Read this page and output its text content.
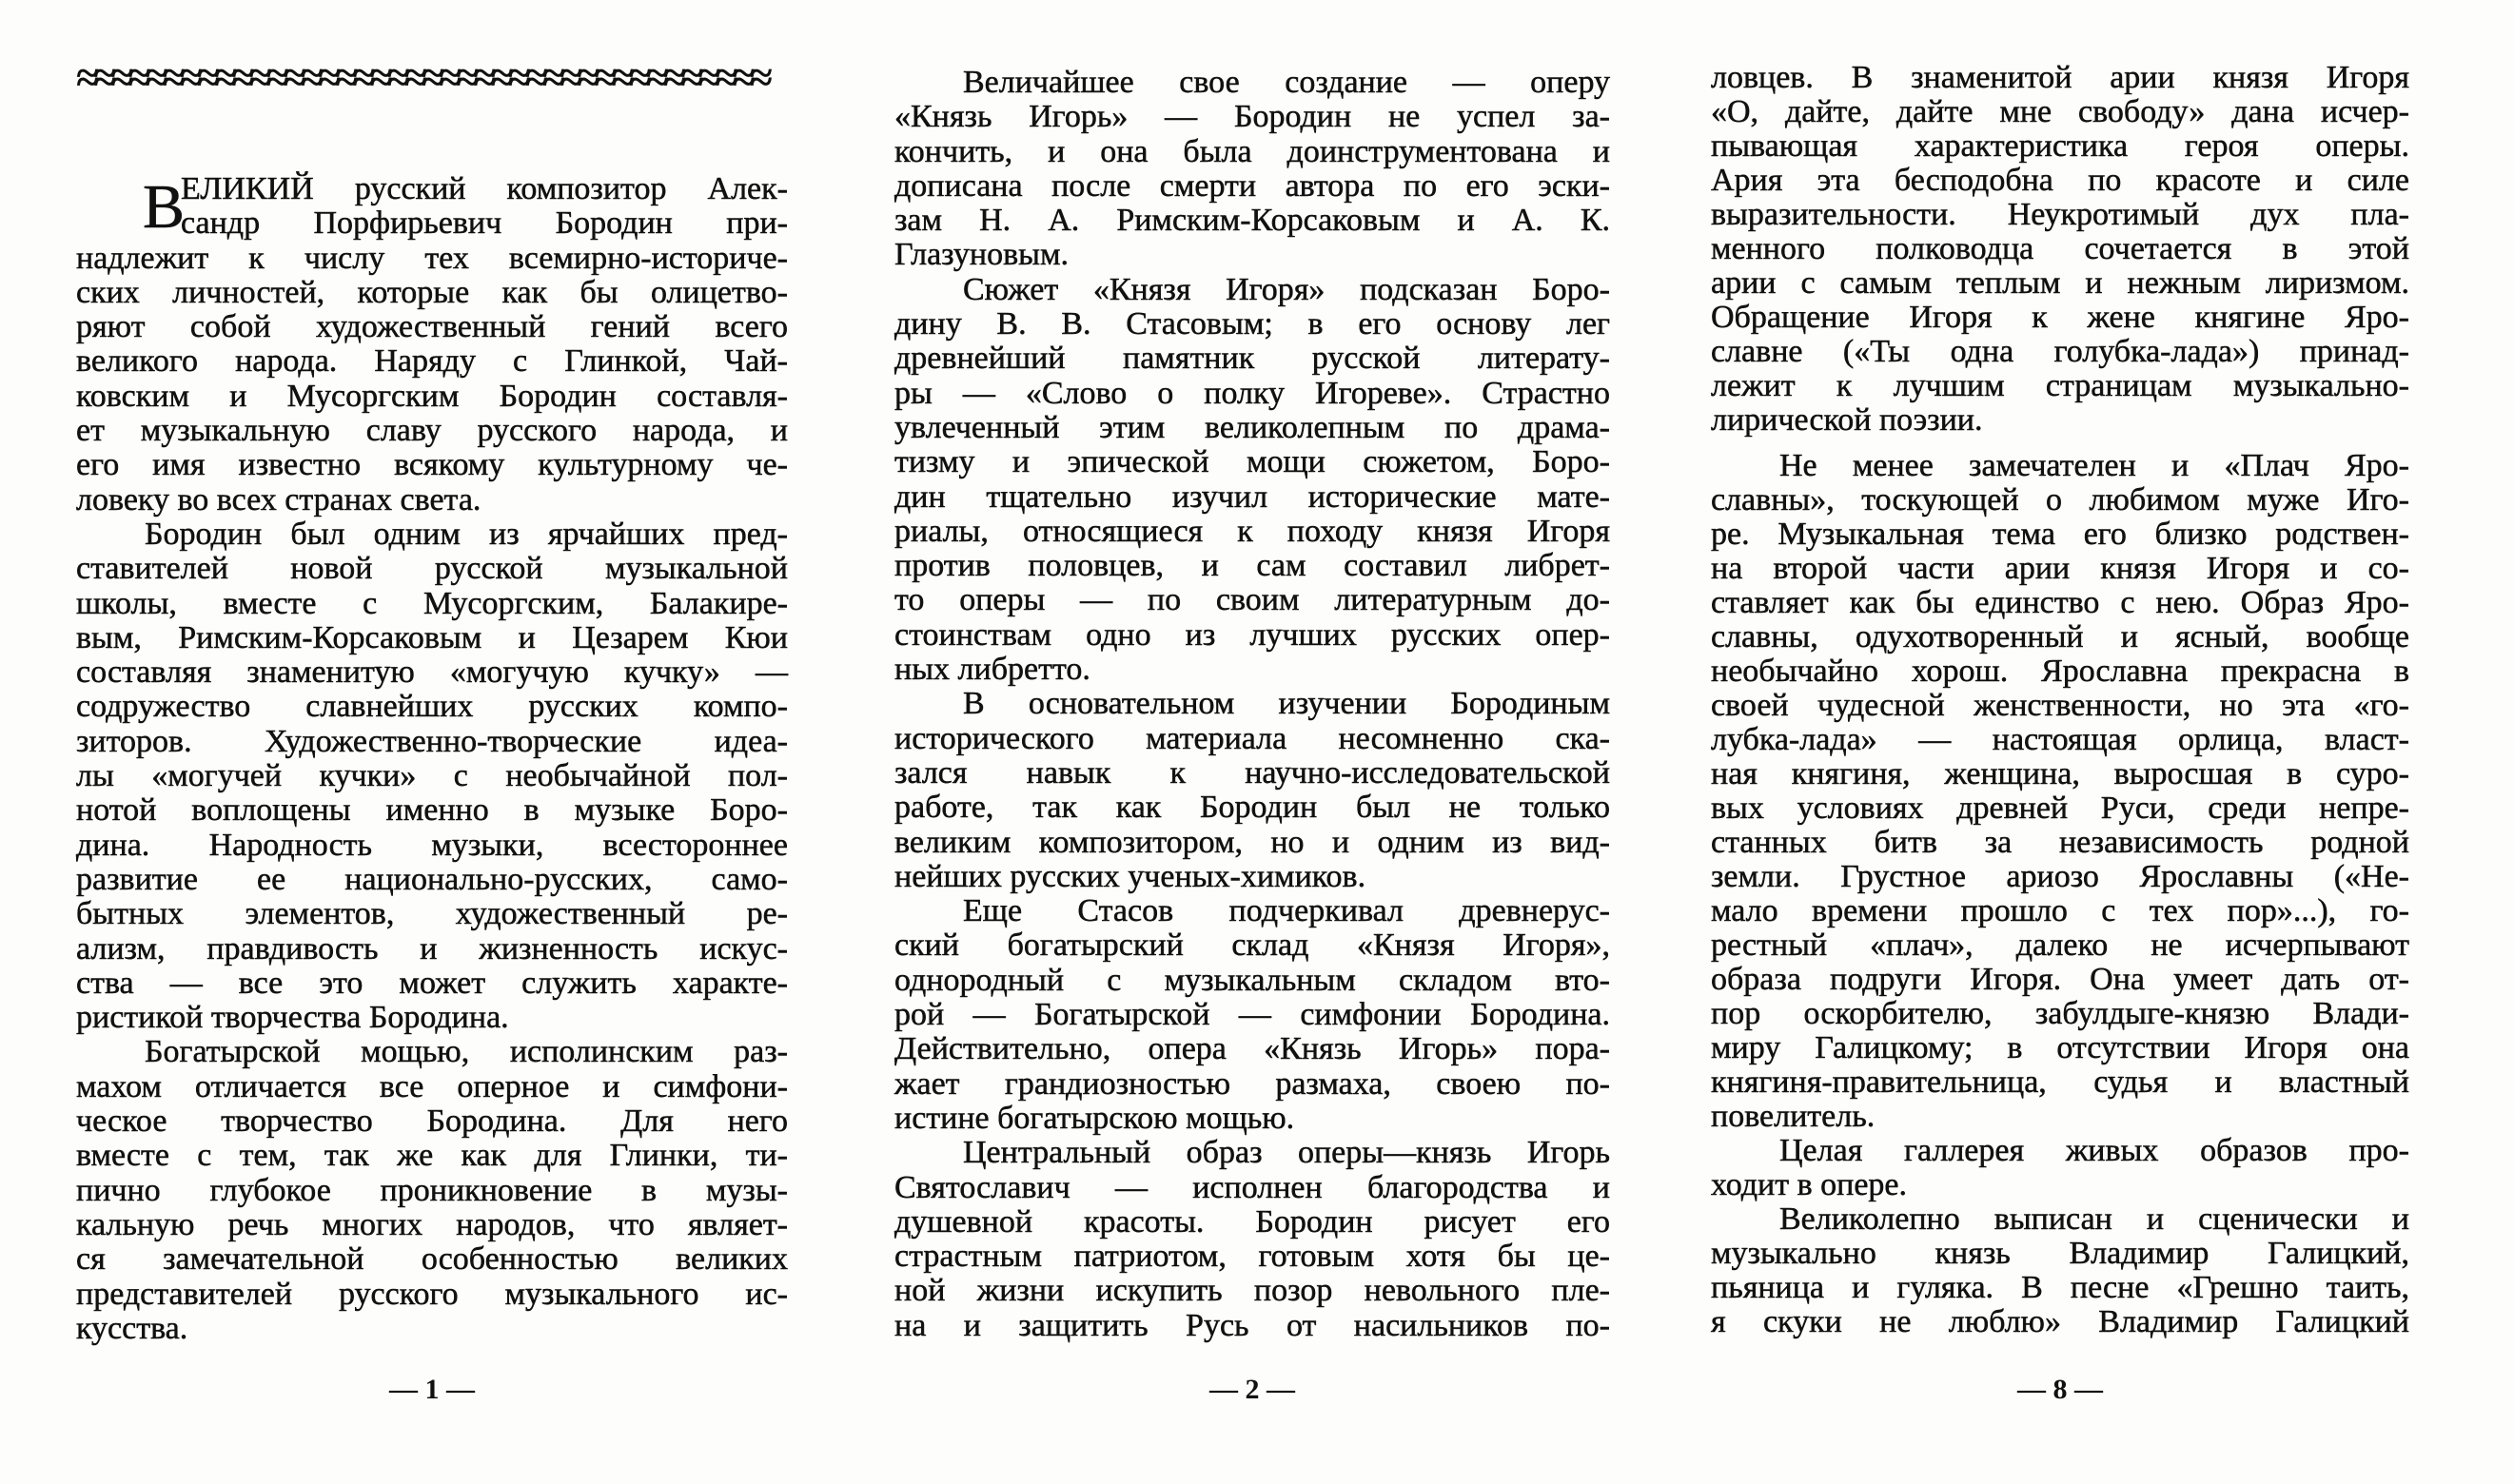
≈≈≈≈≈≈≈≈≈≈≈≈≈≈≈≈≈≈≈≈≈≈≈≈≈≈≈≈≈≈≈≈≈≈≈≈≈≈≈≈
В
ЕЛИКИЙ русский композитор Алек-
сандр Порфирьевич Бородин при-
надлежит к числу тех всемирно-историче-
ских личностей, которые как бы олицетво-
ряют собой художественный гений всего
великого народа. Наряду с Глинкой, Чай-
ковским и Мусоргским Бородин составля-
ет музыкальную славу русского народа, и
его имя известно всякому культурному че-
ловеку во всех странах света.
Бородин был одним из ярчайших пред-
ставителей новой русской музыкальной
школы, вместе с Мусоргским, Балакире-
вым, Римским-Корсаковым и Цезарем Кюи
составляя знаменитую «могучую кучку» —
содружество славнейших русских компо-
зиторов. Художественно-творческие идеа-
лы «могучей кучки» с необычайной пол-
нотой воплощены именно в музыке Боро-
дина. Народность музыки, всестороннее
развитие ее национально-русских, само-
бытных элементов, художественный ре-
ализм, правдивость и жизненность искус-
ства — все это может служить характе-
ристикой творчества Бородина.
Богатырской мощью, исполинским раз-
махом отличается все оперное и симфони-
ческое творчество Бородина. Для него
вместе с тем, так же как для Глинки, ти-
пично глубокое проникновение в музы-
кальную речь многих народов, что являет-
ся замечательной особенностью великих
представителей русского музыкального ис-
кусства.
Величайшее свое создание — оперу
«Князь Игорь» — Бородин не успел за-
кончить, и она была доинструментована и
дописана после смерти автора по его эски-
зам Н. А. Римским-Корсаковым и А. К.
Глазуновым.
Сюжет «Князя Игоря» подсказан Боро-
дину В. В. Стасовым; в его основу лег
древнейший памятник русской литерату-
ры — «Слово о полку Игореве». Страстно
увлеченный этим великолепным по драма-
тизму и эпической мощи сюжетом, Боро-
дин тщательно изучил исторические мате-
риалы, относящиеся к походу князя Игоря
против половцев, и сам составил либрет-
то оперы — по своим литературным до-
стоинствам одно из лучших русских опер-
ных либретто.
В основательном изучении Бородиным
исторического материала несомненно ска-
зался навык к научно-исследовательской
работе, так как Бородин был не только
великим композитором, но и одним из вид-
нейших русских ученых-химиков.
Еще Стасов подчеркивал древнерус-
ский богатырский склад «Князя Игоря»,
однородный с музыкальным складом вто-
рой — Богатырской — симфонии Бородина.
Действительно, опера «Князь Игорь» пора-
жает грандиозностью размаха, своею по-
истине богатырскою мощью.
Центральный образ оперы—князь Игорь
Святославич — исполнен благородства и
душевной красоты. Бородин рисует его
страстным патриотом, готовым хотя бы це-
ной жизни искупить позор невольного пле-
на и защитить Русь от насильников по-
ловцев. В знаменитой арии князя Игоря
«О, дайте, дайте мне свободу» дана исчер-
пывающая характеристика героя оперы.
Ария эта бесподобна по красоте и силе
выразительности. Неукротимый дух пла-
менного полководца сочетается в этой
арии с самым теплым и нежным лиризмом.
Обращение Игоря к жене княгине Яро-
славне («Ты одна голубка-лада») принад-
лежит к лучшим страницам музыкально-
лирической поэзии.
Не менее замечателен и «Плач Яро-
славны», тоскующей о любимом муже Иго-
ре. Музыкальная тема его близко родствен-
на второй части арии князя Игоря и со-
ставляет как бы единство с нею. Образ Яро-
славны, одухотворенный и ясный, вообще
необычайно хорош. Ярославна прекрасна в
своей чудесной женственности, но эта «го-
лубка-лада» — настоящая орлица, власт-
ная княгиня, женщина, выросшая в суро-
вых условиях древней Руси, среди непре-
станных битв за независимость родной
земли. Грустное ариозо Ярославны («Не-
мало времени прошло с тех пор»...), го-
рестный «плач», далеко не исчерпывают
образа подруги Игоря. Она умеет дать от-
пор оскорбителю, забулдыге-князю Влади-
миру Галицкому; в отсутствии Игоря она
княгиня-правительница, судья и властный
повелитель.
Целая галлерея живых образов про-
ходит в опере.
Великолепно выписан и сценически и
музыкально князь Владимир Галицкий,
пьяница и гуляка. В песне «Грешно таить,
я скуки не люблю» Владимир Галицкий
— 1 —	— 2 —	— 8 —
